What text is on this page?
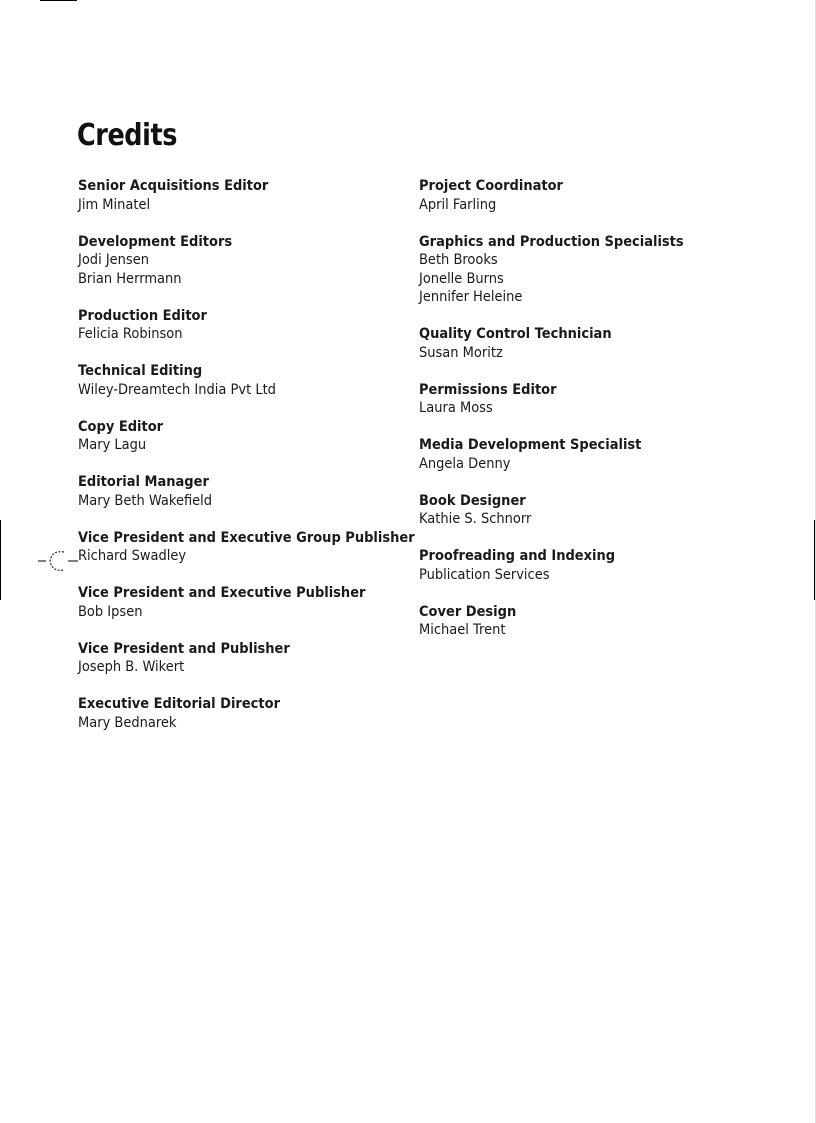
Credits
Senior Acquisitions Editor
Jim Minatel
Development Editors
Jodi Jensen
Brian Herrmann
Production Editor
Felicia Robinson
Technical Editing
Wiley-Dreamtech India Pvt Ltd
Copy Editor
Mary Lagu
Editorial Manager
Mary Beth Wakefield
Vice President and Executive Group Publisher
Richard Swadley
Vice President and Executive Publisher
Bob Ipsen
Vice President and Publisher
Joseph B. Wikert
Executive Editorial Director
Mary Bednarek
Project Coordinator
April Farling
Graphics and Production Specialists
Beth Brooks
Jonelle Burns
Jennifer Heleine
Quality Control Technician
Susan Moritz
Permissions Editor
Laura Moss
Media Development Specialist
Angela Denny
Book Designer
Kathie S. Schnorr
Proofreading and Indexing
Publication Services
Cover Design
Michael Trent
